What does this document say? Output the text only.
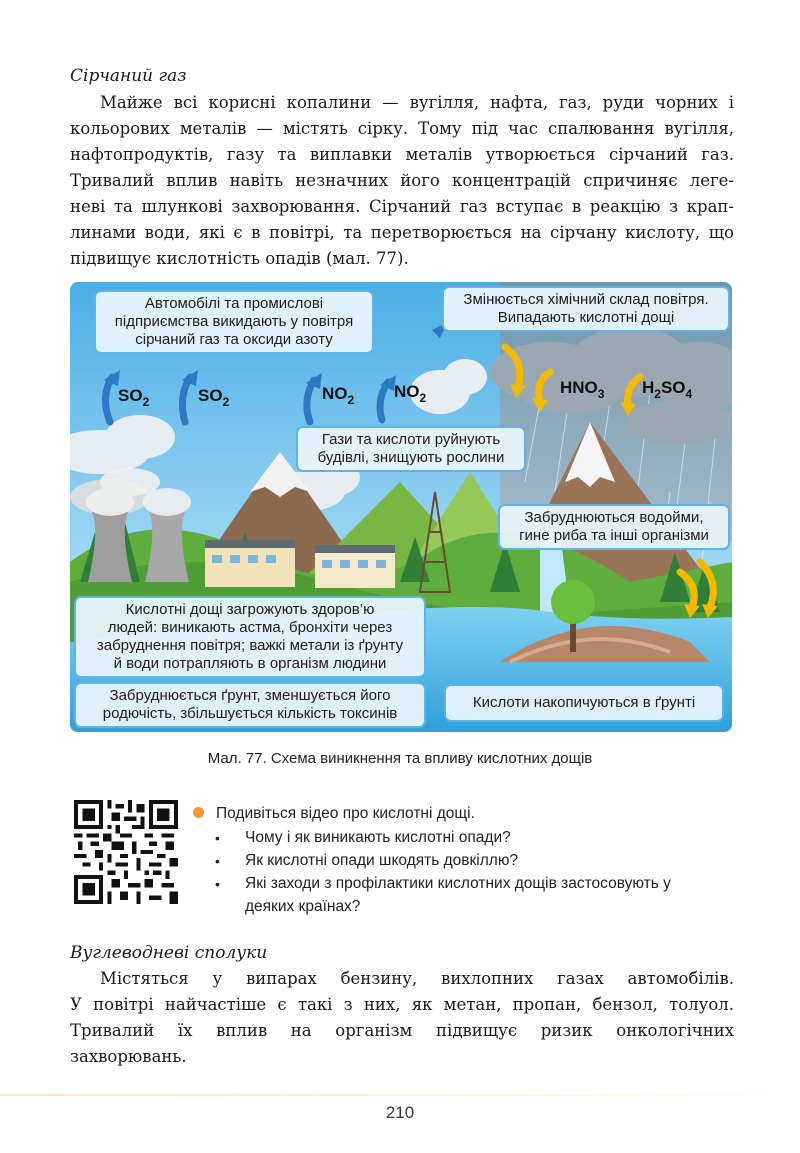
Сірчаний газ
Майже всі корисні копалини — вугілля, нафта, газ, руди чорних і
кольорових металів — містять сірку. Тому під час спалювання вугілля,
нафтопродуктів, газу та виплавки металів утворюється сірчаний газ.
Тривалий вплив навіть незначних його концентрацій спричиняє леге-
неві та шлункові захворювання. Сірчаний газ вступає в реакцію з крап-
линами води, які є в повітрі, та перетворюється на сірчану кислоту, що
підвищує кислотність опадів (мал. 77).
$SO_2$	$SO_2$	$NO_2$ $NO_2$
$HNO_3$ $H_2SO_4$
Автомобілі та промислові
підприємства викидають у повітря
сірчаний газ та оксиди азоту
Змінюється хімічний склад повітря.
Випадають кислотні дощі
Гази та кислоти руйнують
будівлі, знищують рослини
Забруднюються водойми,
гине риба та інші організми
Кислотні дощі загрожують здоров’ю
людей: виникають астма, бронхіти через
забруднення повітря; важкі метали із ґрунту
й води потрапляють в організм людини
Забруднюється ґрунт, зменшується його
родючість, збільшується кількість токсинів
Кислоти накопичуються в ґрунті
Мал. 77. Схема виникнення та впливу кислотних дощів
Подивіться відео про кислотні дощі.
• Чому і як виникають кислотні опади?
• Як кислотні опади шкодять довкіллю?
• Які заходи з профілактики кислотних дощів застосовують у
деяких країнах?
Вуглеводневі сполуки
Містяться у випарах бензину, вихлопних газах автомобілів.
У повітрі найчастіше є такі з них, як метан, пропан, бензол, толуол.
Тривалий їх вплив на організм підвищує ризик онкологічних
захворювань.
210
